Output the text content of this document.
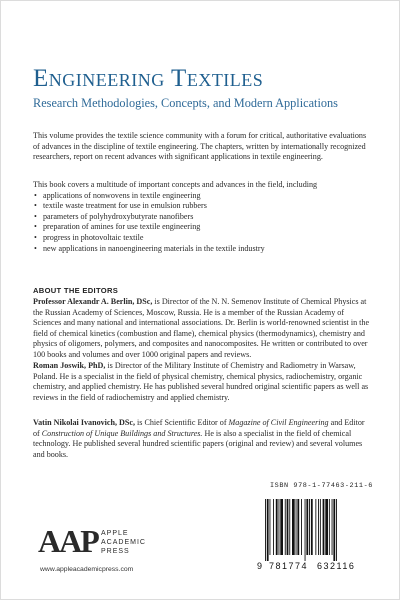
Engineering Textiles
Research Methodologies, Concepts, and Modern Applications
This volume provides the textile science community with a forum for critical, authoritative evaluations of advances in the discipline of textile engineering. The chapters, written by internationally recognized researchers, report on recent advances with significant applications in textile engineering.
This book covers a multitude of important concepts and advances in the field, including
• applications of nonwovens in textile engineering
• textile waste treatment for use in emulsion rubbers
• parameters of polyhydroxybutyrate nanofibers
• preparation of amines for use textile engineering
• progress in photovoltaic textile
• new applications in nanoengineering materials in the textile industry
ABOUT THE EDITORS
Professor Alexandr A. Berlin, DSc, is Director of the N. N. Semenov Institute of Chemical Physics at the Russian Academy of Sciences, Moscow, Russia. He is a member of the Russian Academy of Sciences and many national and international associations. Dr. Berlin is world-renowned scientist in the field of chemical kinetics (combustion and flame), chemical physics (thermodynamics), chemistry and physics of oligomers, polymers, and composites and nanocomposites. He written or contributed to over 100 books and volumes and over 1000 original papers and reviews.
Roman Joswik, PhD, is Director of the Military Institute of Chemistry and Radiometry in Warsaw, Poland. He is a specialist in the field of physical chemistry, chemical physics, radiochemistry, organic chemistry, and applied chemistry. He has published several hundred original scientific papers as well as reviews in the field of radiochemistry and applied chemistry.
Vatin Nikolai Ivanovich, DSc, is Chief Scientific Editor of Magazine of Civil Engineering and Editor of Construction of Unique Buildings and Structures. He is also a specialist in the field of chemical technology. He published several hundred scientific papers (original and review) and several volumes and books.
AAP APPLE
ACADEMIC
PRESS
www.appleacademicpress.com
ISBN 978-1-77463-211-6
9 781774 632116
